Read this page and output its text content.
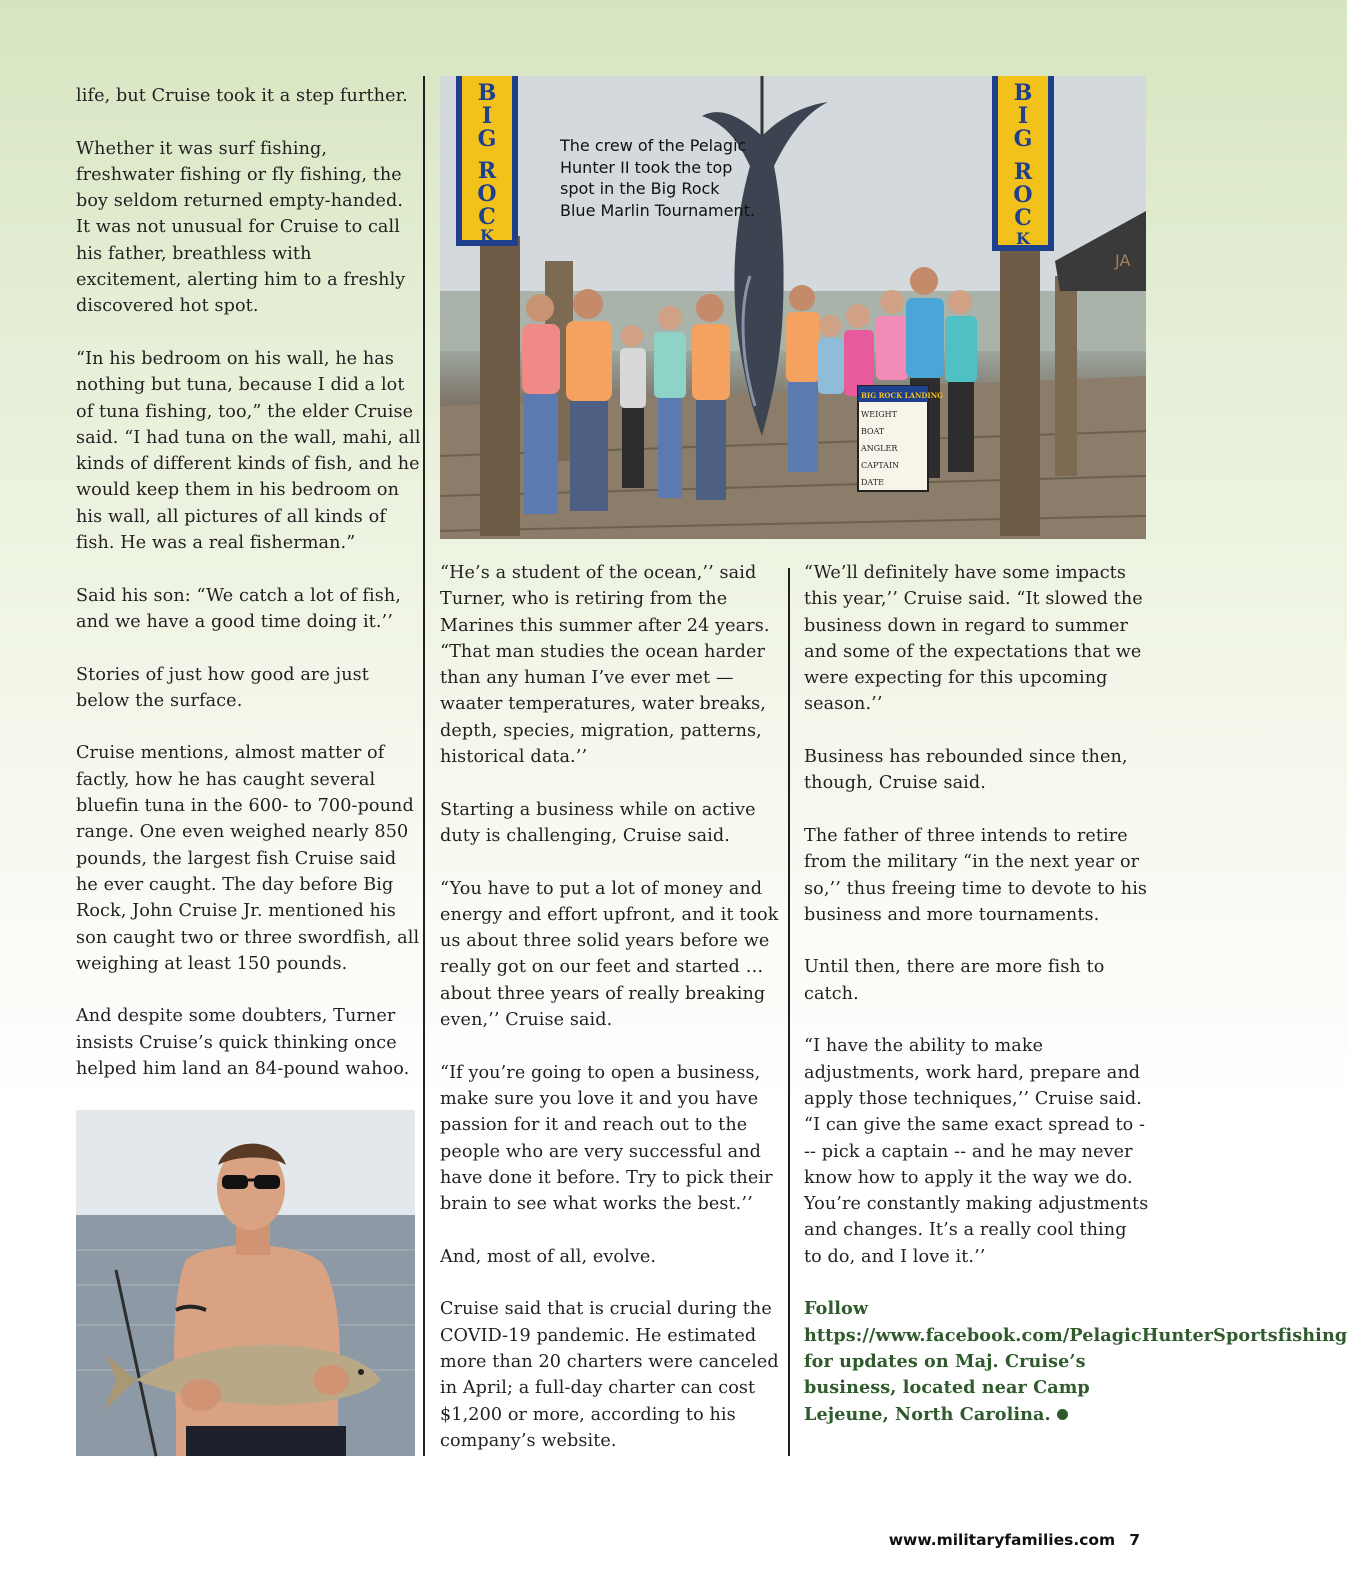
life, but Cruise took it a step further.

Whether it was surf fishing, freshwater fishing or fly fishing, the boy seldom returned empty-handed. It was not unusual for Cruise to call his father, breathless with excitement, alerting him to a freshly discovered hot spot.

“In his bedroom on his wall, he has nothing but tuna, because I did a lot of tuna fishing, too,” the elder Cruise said. “I had tuna on the wall, mahi, all kinds of different kinds of fish, and he would keep them in his bedroom on his wall, all pictures of all kinds of fish. He was a real fisherman.”

Said his son: “We catch a lot of fish, and we have a good time doing it.’’

Stories of just how good are just below the surface.

Cruise mentions, almost matter of factly, how he has caught several bluefin tuna in the 600- to 700-pound range. One even weighed nearly 850 pounds, the largest fish Cruise said he ever caught. The day before Big Rock, John Cruise Jr. mentioned his son caught two or three swordfish, all weighing at least 150 pounds.

And despite some doubters, Turner insists Cruise’s quick thinking once helped him land an 84-pound wahoo.

B
I
G
R
O
C
K
B
I
G
R
O
C
K
JA
BIG ROCK LANDING
WEIGHT
BOAT
ANGLER
CAPTAIN
DATE
The crew of the Pelagic Hunter II took the top spot in the Big Rock Blue Marlin Tournament.

“He’s a student of the ocean,’’ said Turner, who is retiring from the Marines this summer after 24 years. “That man studies the ocean harder than any human I’ve ever met — waater temperatures, water breaks, depth, species, migration, patterns, historical data.’’

Starting a business while on active duty is challenging, Cruise said.

“You have to put a lot of money and energy and effort upfront, and it took us about three solid years before we really got on our feet and started … about three years of really breaking even,’’ Cruise said.

“If you’re going to open a business, make sure you love it and you have passion for it and reach out to the people who are very successful and have done it before. Try to pick their brain to see what works the best.’’

And, most of all, evolve.

Cruise said that is crucial during the COVID-19 pandemic. He estimated more than 20 charters were canceled in April; a full-day charter can cost $1,200 or more, according to his company’s website.

“We’ll definitely have some impacts this year,’’ Cruise said. “It slowed the business down in regard to summer and some of the expectations that we were expecting for this upcoming season.’’

Business has rebounded since then, though, Cruise said.

The father of three intends to retire from the military “in the next year or so,’’ thus freeing time to devote to his business and more tournaments.

Until then, there are more fish to catch.

“I have the ability to make adjustments, work hard, prepare and apply those techniques,’’ Cruise said. “I can give the same exact spread to --- pick a captain -- and he may never know how to apply it the way we do. You’re constantly making adjustments and changes. It’s a really cool thing to do, and I love it.’’

Follow https://www.facebook.com/PelagicHunterSportsfishing for updates on Maj. Cruise’s business, located near Camp Lejeune, North Carolina.

www.militaryfamilies.com 7
